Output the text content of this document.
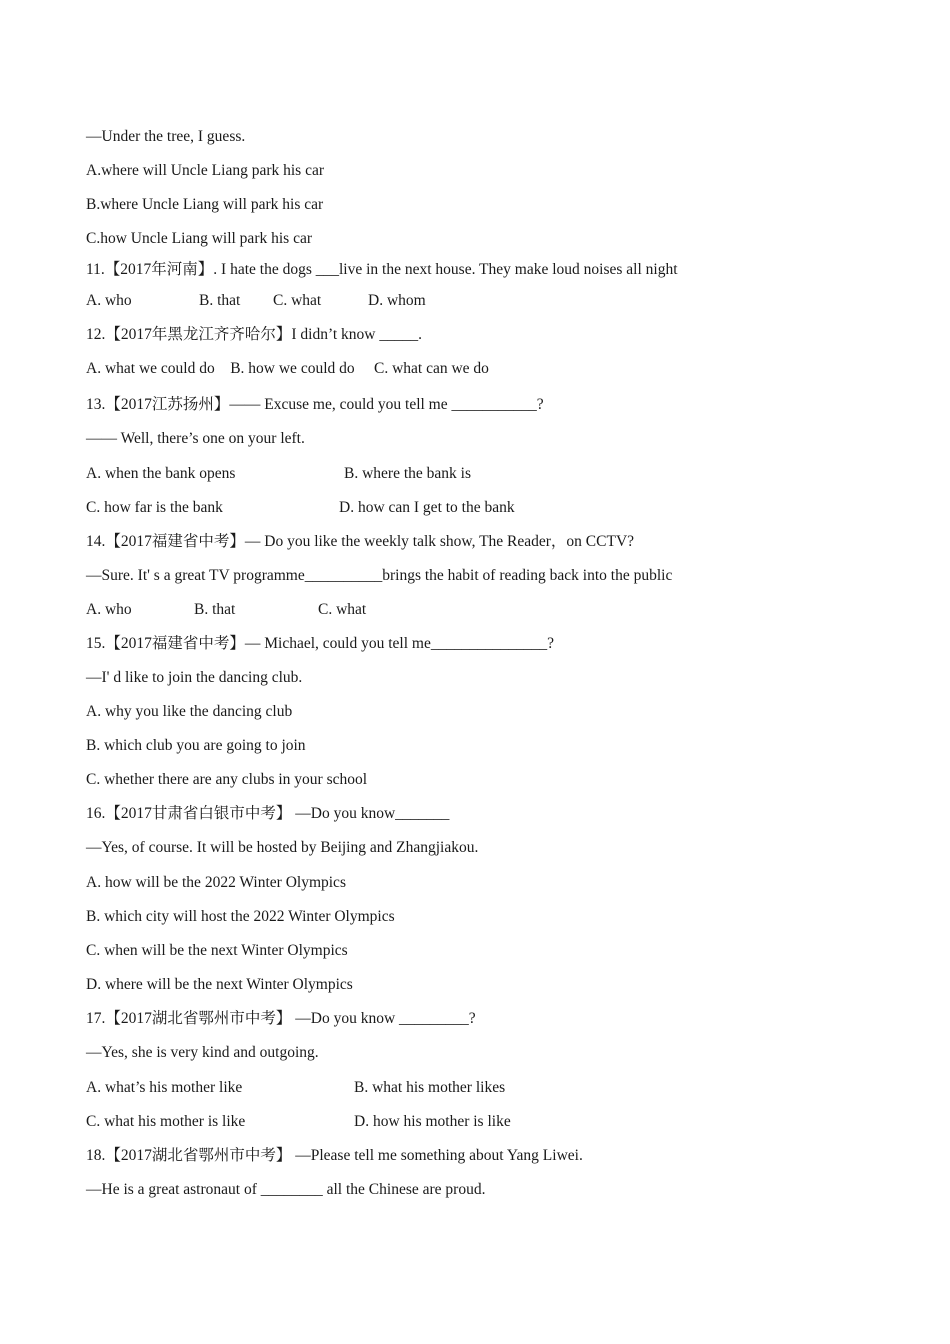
—Under the tree, I guess.
A.where will Uncle Liang park his car
B.where Uncle Liang will park his car
C.how Uncle Liang will park his car
11.【2017年河南】. I hate the dogs ___live in the next house. They make loud noises all night
A. who	B. that C. what	D. whom
12.【2017年黑龙江齐齐哈尔】I didn’t know _____.
A. what we could do    B. how we could do     C. what can we do
13.【2017江苏扬州】—— Excuse me, could you tell me ___________?
—— Well, there’s one on your left.
A. when the bank opens	B. where the bank is
C. how far is the bank	D. how can I get to the bank
14.【2017福建省中考】— Do you like the weekly talk show, The Reader，on CCTV?
—Sure. It' s a great TV programme__________brings the habit of reading back into the public
A. who	B. that	C. what
15.【2017福建省中考】— Michael, could you tell me_______________?
—I' d like to join the dancing club.
A. why you like the dancing club
B. which club you are going to join
C. whether there are any clubs in your school
16.【2017甘肃省白银市中考】 —Do you know_______
—Yes, of course. It will be hosted by Beijing and Zhangjiakou.
A. how will be the 2022 Winter Olympics
B. which city will host the 2022 Winter Olympics
C. when will be the next Winter Olympics
D. where will be the next Winter Olympics
17.【2017湖北省鄂州市中考】 —Do you know _________?
—Yes, she is very kind and outgoing.
A. what’s his mother like	B. what his mother likes
C. what his mother is like	D. how his mother is like
18.【2017湖北省鄂州市中考】 —Please tell me something about Yang Liwei.
—He is a great astronaut of ________ all the Chinese are proud.
